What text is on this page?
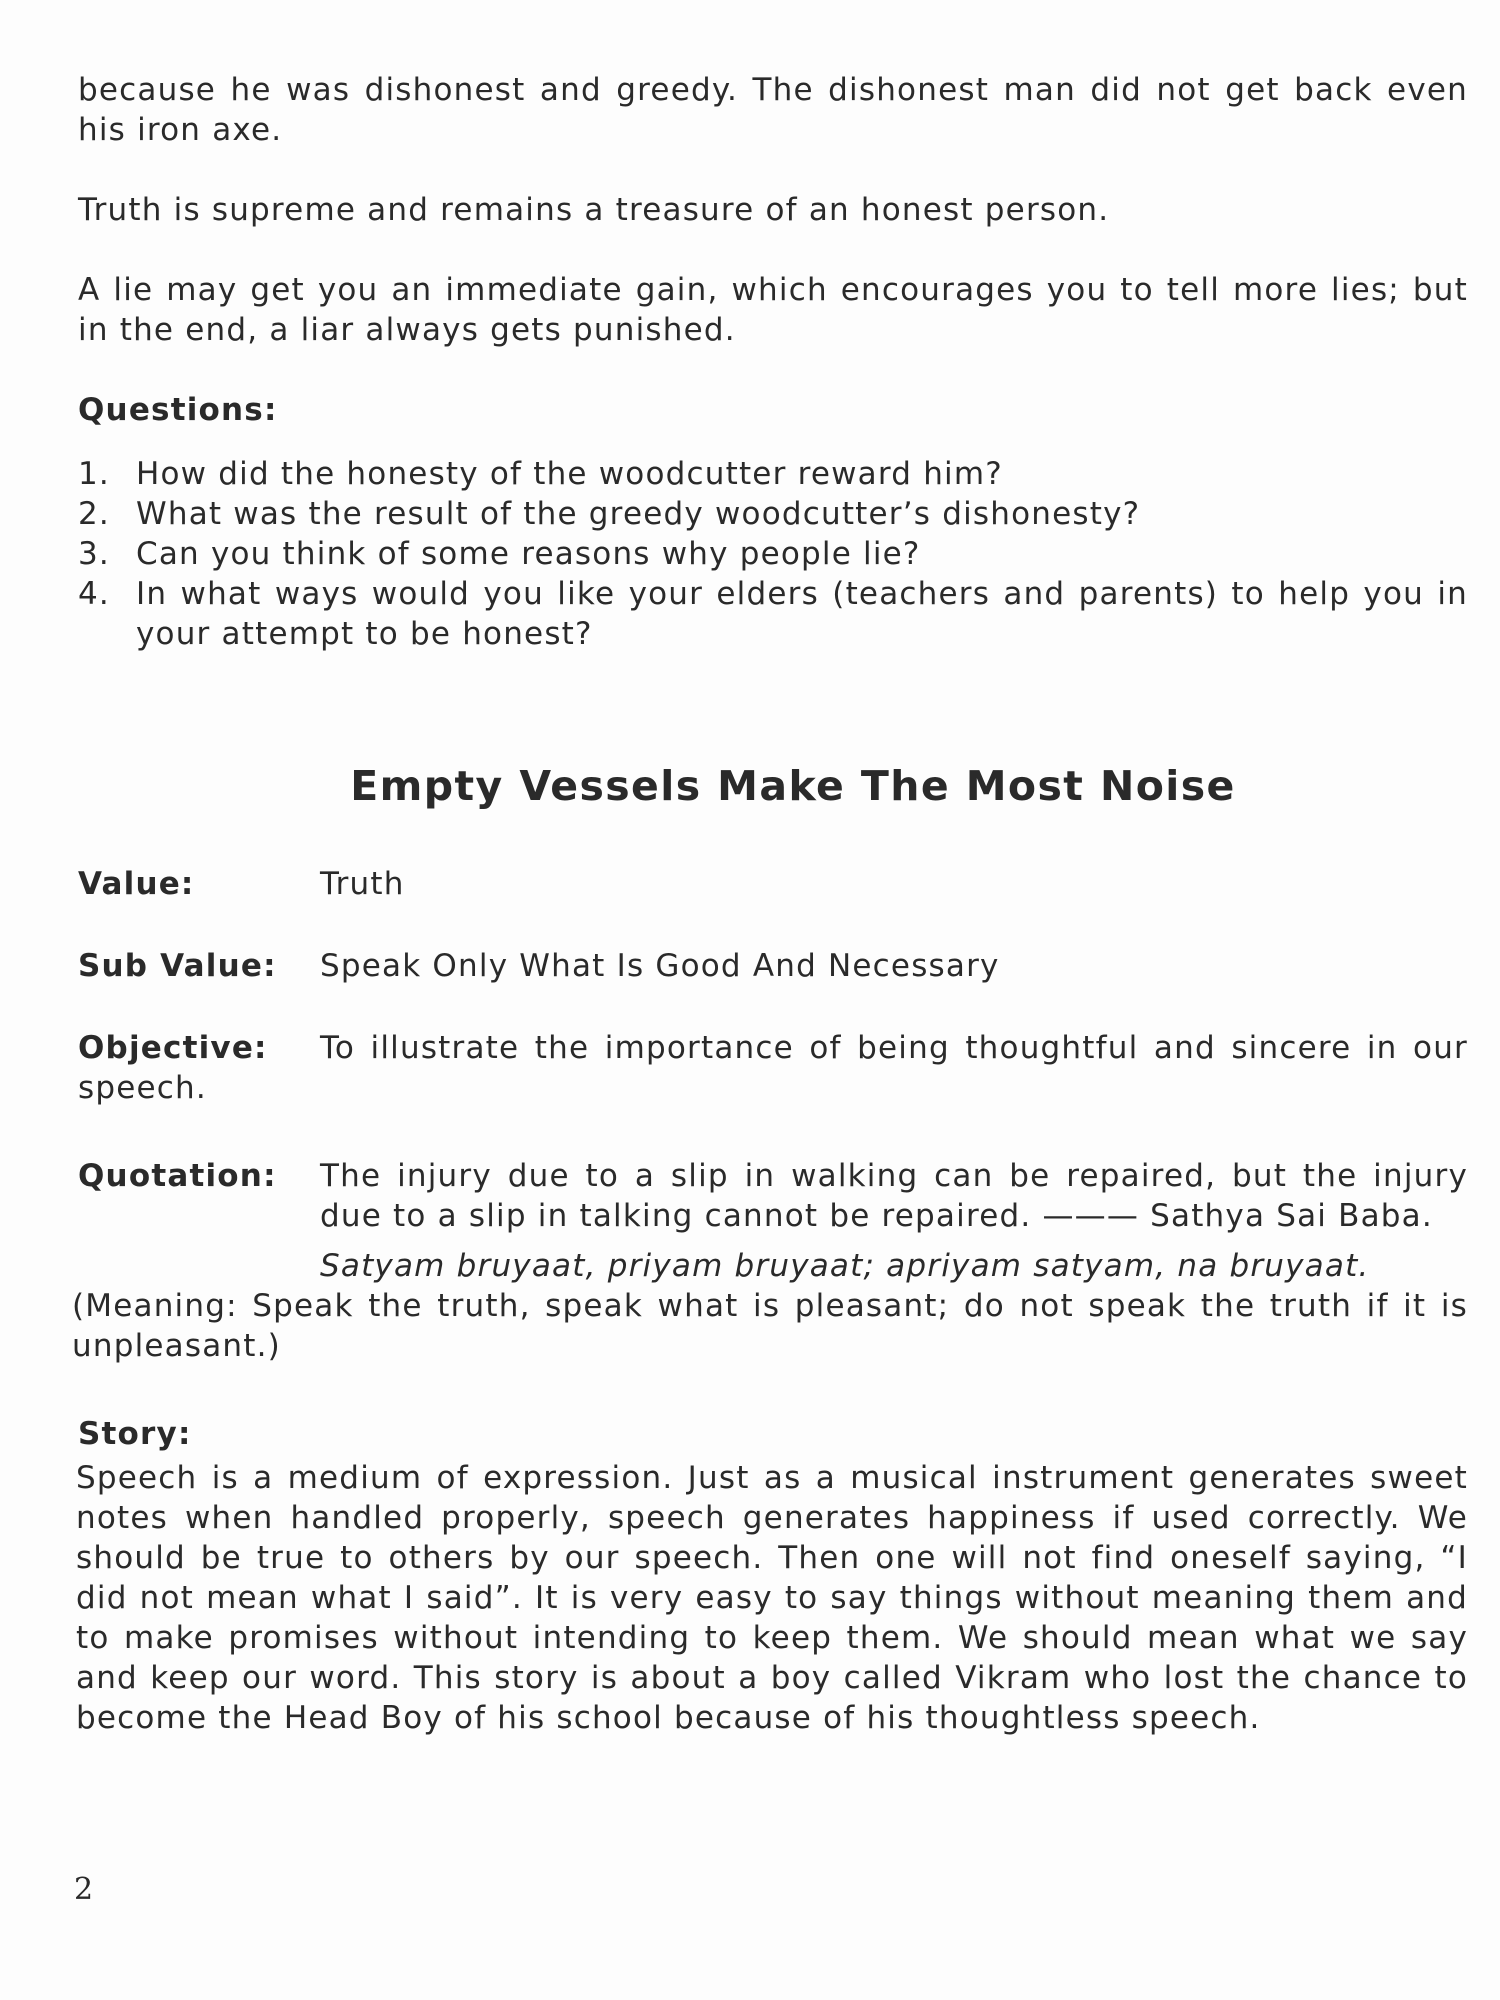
because he was dishonest and greedy. The dishonest man did not get back even his iron axe.

Truth is supreme and remains a treasure of an honest person.

A lie may get you an immediate gain, which encourages you to tell more lies; but in the end, a liar always gets punished.

Questions:
1. How did the honesty of the woodcutter reward him?
2. What was the result of the greedy woodcutter’s dishonesty?
3. Can you think of some reasons why people lie?
4. In what ways would you like your elders (teachers and parents) to help you in your attempt to be honest?
Empty Vessels Make The Most Noise
Value:	Truth
Sub Value:	Speak Only What Is Good And Necessary

Objective: To illustrate the importance of being thoughtful and sincere in our speech.

Quotation:	The injury due to a slip in walking can be repaired, but the injury due to a slip in talking cannot be repaired. ——— Sathya Sai Baba.
Satyam bruyaat, priyam bruyaat; apriyam satyam, na bruyaat.

(Meaning: Speak the truth, speak what is pleasant; do not speak the truth if it is unpleasant.)

Story:

Speech is a medium of expression. Just as a musical instrument generates sweet notes when handled properly, speech generates happiness if used correctly. We should be true to others by our speech. Then one will not find oneself saying, “I did not mean what I said”. It is very easy to say things without meaning them and to make promises without intending to keep them. We should mean what we say and keep our word. This story is about a boy called Vikram who lost the chance to become the Head Boy of his school because of his thoughtless speech.

2
